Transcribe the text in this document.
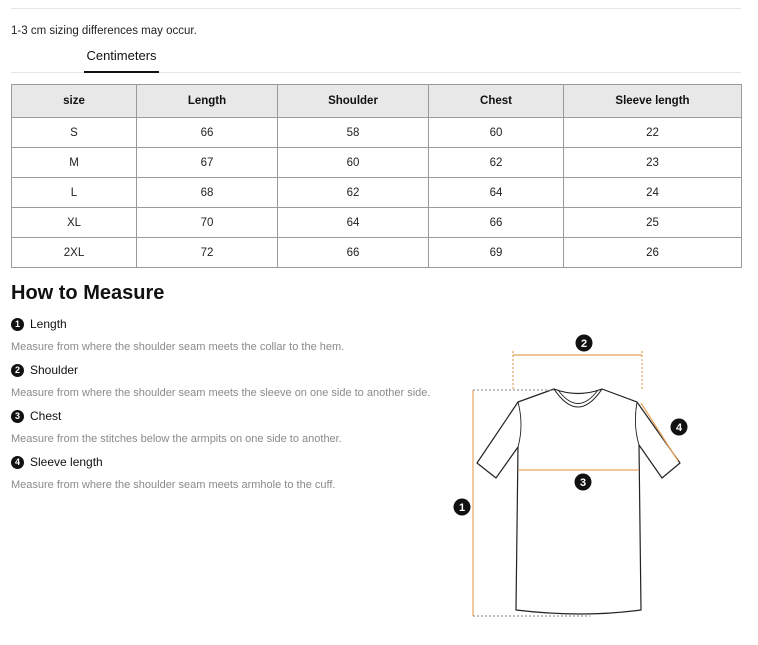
1-3 cm sizing differences may occur.
Centimeters
size	Length	Shoulder	Chest	Sleeve length
S	66	58	60	22
M	67	60	62	23
L	68	62	64	24
XL	70	64	66	25
2XL	72	66	69	26
How to Measure
1 Length
Measure from where the shoulder seam meets the collar to the hem.
2 Shoulder
Measure from where the shoulder seam meets the sleeve on one side to another side.
3 Chest
Measure from the stitches below the armpits on one side to another.
4 Sleeve length
Measure from where the shoulder seam meets armhole to the cuff.
2
3
1
4
